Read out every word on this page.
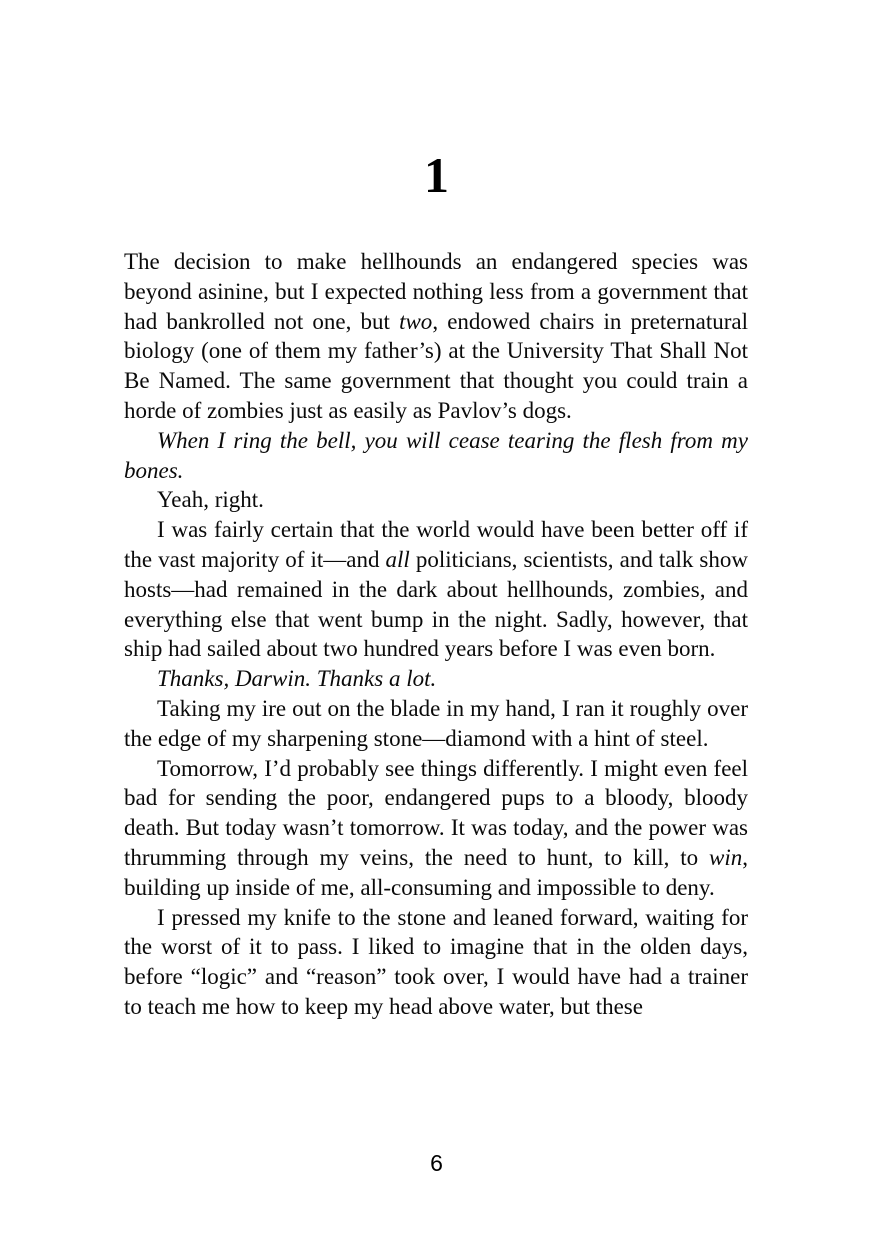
1

The decision to make hellhounds an endangered species was beyond asinine, but I expected nothing less from a government that had bankrolled not one, but two, endowed chairs in preternatural biology (one of them my father’s) at the University That Shall Not Be Named. The same government that thought you could train a horde of zombies just as easily as Pavlov’s dogs.

When I ring the bell, you will cease tearing the flesh from my bones.

Yeah, right.

I was fairly certain that the world would have been better off if the vast majority of it—and all politicians, scientists, and talk show hosts—had remained in the dark about hellhounds, zombies, and everything else that went bump in the night. Sadly, however, that ship had sailed about two hundred years before I was even born.

Thanks, Darwin. Thanks a lot.

Taking my ire out on the blade in my hand, I ran it roughly over the edge of my sharpening stone—diamond with a hint of steel.

Tomorrow, I’d probably see things differently. I might even feel bad for sending the poor, endangered pups to a bloody, bloody death. But today wasn’t tomorrow. It was today, and the power was thrumming through my veins, the need to hunt, to kill, to win, building up inside of me, all-consuming and impossible to deny.

I pressed my knife to the stone and leaned forward, waiting for the worst of it to pass. I liked to imagine that in the olden days, before “logic” and “reason” took over, I would have had a trainer to teach me how to keep my head above water, but these

6
